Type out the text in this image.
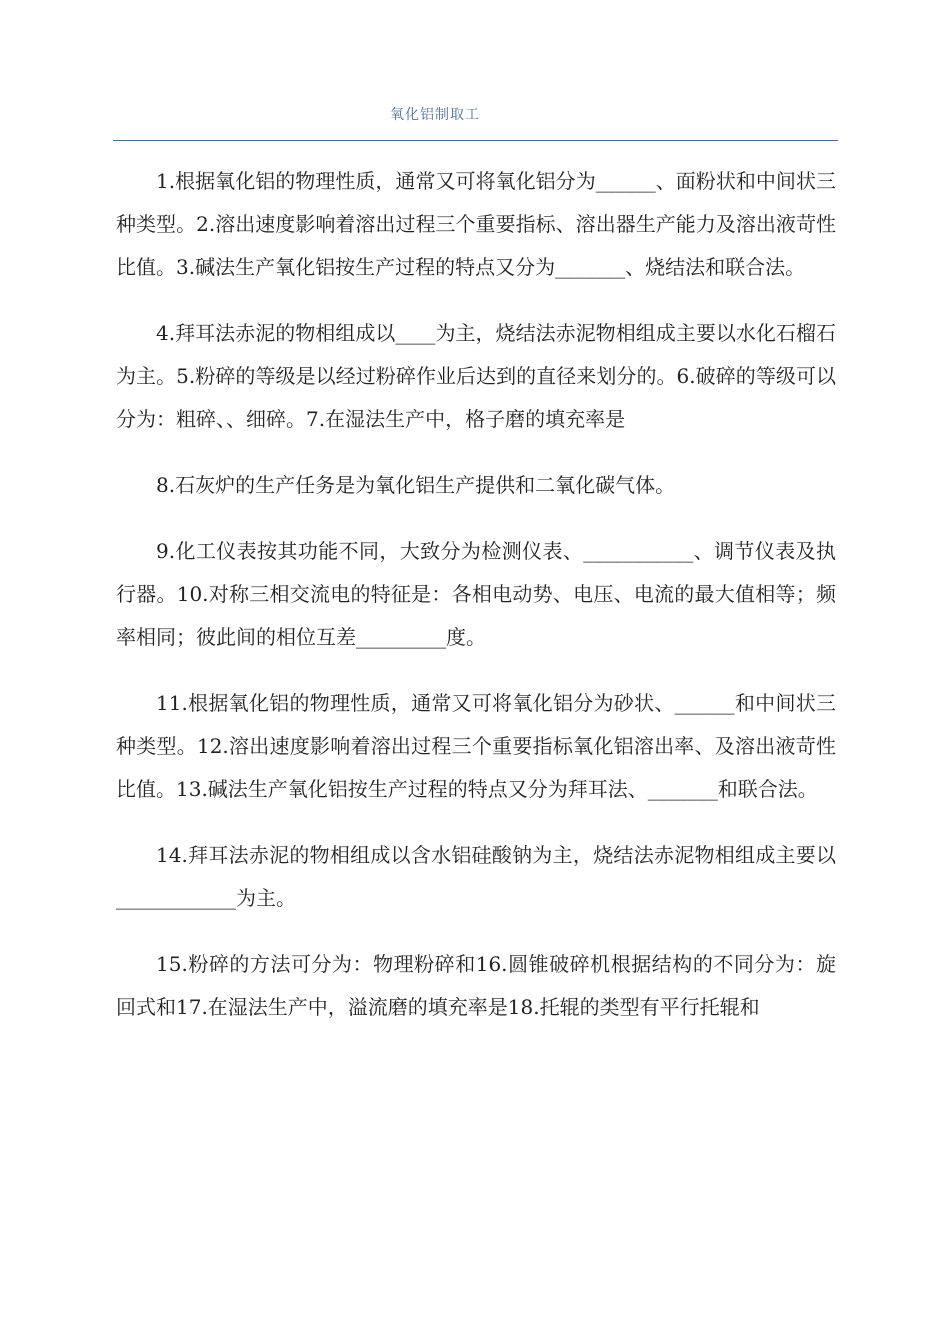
氧化铝制取工

1.根据氧化铝的物理性质，通常又可将氧化铝分为______、面粉状和中间状三种类型。2.溶出速度影响着溶出过程三个重要指标、溶出器生产能力及溶出液苛性比值。3.碱法生产氧化铝按生产过程的特点又分为_______、烧结法和联合法。

4.拜耳法赤泥的物相组成以____为主，烧结法赤泥物相组成主要以水化石榴石为主。5.粉碎的等级是以经过粉碎作业后达到的直径来划分的。6.破碎的等级可以分为：粗碎、、细碎。7.在湿法生产中，格子磨的填充率是

8.石灰炉的生产任务是为氧化铝生产提供和二氧化碳气体。

9.化工仪表按其功能不同，大致分为检测仪表、___________、调节仪表及执行器。10.对称三相交流电的特征是：各相电动势、电压、电流的最大值相等；频率相同；彼此间的相位互差_________度。

11.根据氧化铝的物理性质，通常又可将氧化铝分为砂状、______和中间状三种类型。12.溶出速度影响着溶出过程三个重要指标氧化铝溶出率、及溶出液苛性比值。13.碱法生产氧化铝按生产过程的特点又分为拜耳法、_______和联合法。

14.拜耳法赤泥的物相组成以含水铝硅酸钠为主，烧结法赤泥物相组成主要以____________为主。

15.粉碎的方法可分为：物理粉碎和16.圆锥破碎机根据结构的不同分为：旋回式和17.在湿法生产中，溢流磨的填充率是18.托辊的类型有平行托辊和
